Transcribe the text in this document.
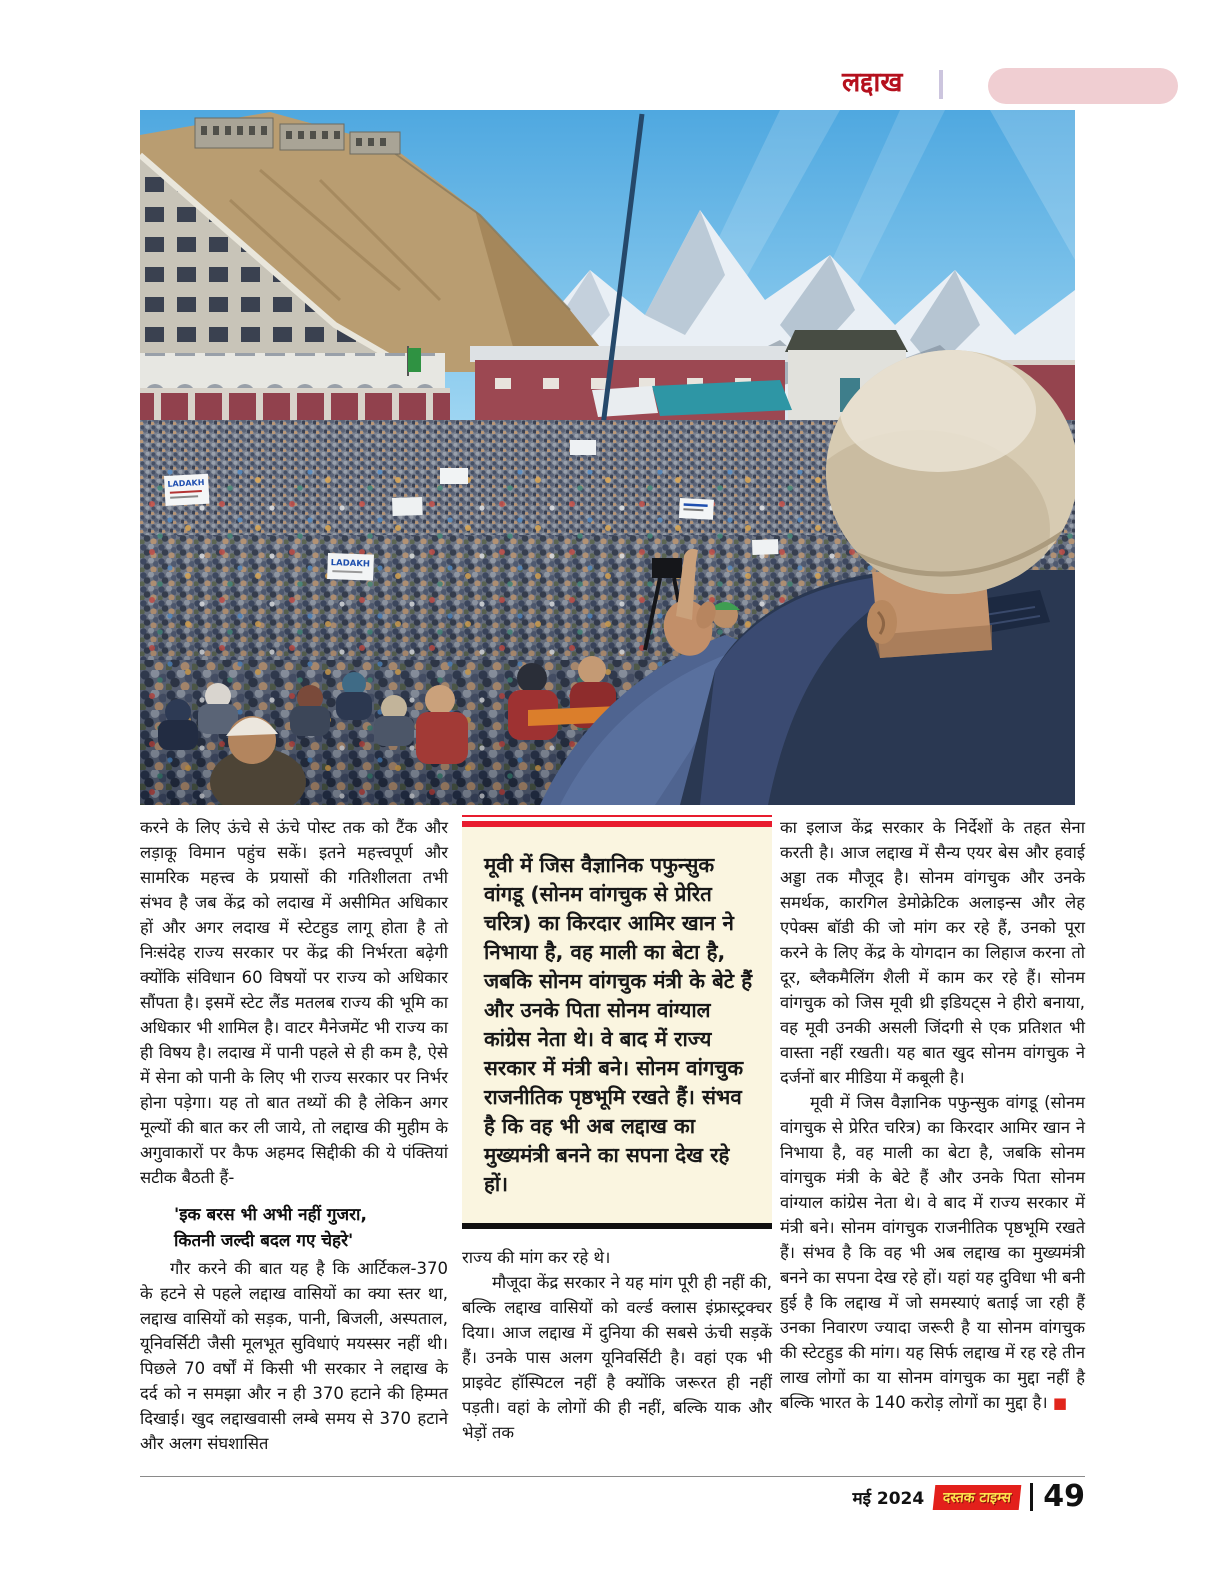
लद्दाख
LADAKH
LADAKH

करने के लिए ऊंचे से ऊंचे पोस्ट तक को टैंक और लड़ाकू विमान पहुंच सकें। इतने महत्त्वपूर्ण और सामरिक महत्त्व के प्रयासों की गतिशीलता तभी संभव है जब केंद्र को लदाख में असीमित अधिकार हों और अगर लदाख में स्टेटहुड लागू होता है तो निःसंदेह राज्य सरकार पर केंद्र की निर्भरता बढ़ेगी क्योंकि संविधान 60 विषयों पर राज्य को अधिकार सौंपता है। इसमें स्टेट लैंड मतलब राज्य की भूमि का अधिकार भी शामिल है। वाटर मैनेजमेंट भी राज्य का ही विषय है। लदाख में पानी पहले से ही कम है, ऐसे में सेना को पानी के लिए भी राज्य सरकार पर निर्भर होना पड़ेगा। यह तो बात तथ्यों की है लेकिन अगर मूल्यों की बात कर ली जाये, तो लद्दाख की मुहीम के अगुवाकारों पर कैफ अहमद सिद्दीकी की ये पंक्तियां सटीक बैठती हैं-

'इक बरस भी अभी नहीं गुजरा,
कितनी जल्दी बदल गए चेहरे'

गौर करने की बात यह है कि आर्टिकल-370 के हटने से पहले लद्दाख वासियों का क्या स्तर था, लद्दाख वासियों को सड़क, पानी, बिजली, अस्पताल, यूनिवर्सिटी जैसी मूलभूत सुविधाएं मयस्सर नहीं थी। पिछले 70 वर्षों में किसी भी सरकार ने लद्दाख के दर्द को न समझा और न ही 370 हटाने की हिम्मत दिखाई। खुद लद्दाखवासी लम्बे समय से 370 हटाने और अलग संघशासित

मूवी में जिस वैज्ञानिक पफुन्सुक वांगडू (सोनम वांगचुक से प्रेरित चरित्र) का किरदार आमिर खान ने निभाया है, वह माली का बेटा है, जबकि सोनम वांगचुक मंत्री के बेटे हैं और उनके पिता सोनम वांग्याल कांग्रेस नेता थे। वे बाद में राज्य सरकार में मंत्री बने। सोनम वांगचुक राजनीतिक पृष्ठभूमि रखते हैं। संभव है कि वह भी अब लद्दाख का मुख्यमंत्री बनने का सपना देख रहे हों।

राज्य की मांग कर रहे थे।

मौजूदा केंद्र सरकार ने यह मांग पूरी ही नहीं की, बल्कि लद्दाख वासियों को वर्ल्ड क्लास इंफ्रास्ट्रक्चर दिया। आज लद्दाख में दुनिया की सबसे ऊंची सड़कें हैं। उनके पास अलग यूनिवर्सिटी है। वहां एक भी प्राइवेट हॉस्पिटल नहीं है क्योंकि जरूरत ही नहीं पड़ती। वहां के लोगों की ही नहीं, बल्कि याक और भेड़ों तक

का इलाज केंद्र सरकार के निर्देशों के तहत सेना करती है। आज लद्दाख में सैन्य एयर बेस और हवाई अड्डा तक मौजूद है। सोनम वांगचुक और उनके समर्थक, कारगिल डेमोक्रेटिक अलाइन्स और लेह एपेक्स बॉडी की जो मांग कर रहे हैं, उनको पूरा करने के लिए केंद्र के योगदान का लिहाज करना तो दूर, ब्लैकमैलिंग शैली में काम कर रहे हैं। सोनम वांगचुक को जिस मूवी थ्री इडियट्स ने हीरो बनाया, वह मूवी उनकी असली जिंदगी से एक प्रतिशत भी वास्ता नहीं रखती। यह बात खुद सोनम वांगचुक ने दर्जनों बार मीडिया में कबूली है।

मूवी में जिस वैज्ञानिक पफुन्सुक वांगडू (सोनम वांगचुक से प्रेरित चरित्र) का किरदार आमिर खान ने निभाया है, वह माली का बेटा है, जबकि सोनम वांगचुक मंत्री के बेटे हैं और उनके पिता सोनम वांग्याल कांग्रेस नेता थे। वे बाद में राज्य सरकार में मंत्री बने। सोनम वांगचुक राजनीतिक पृष्ठभूमि रखते हैं। संभव है कि वह भी अब लद्दाख का मुख्यमंत्री बनने का सपना देख रहे हों। यहां यह दुविधा भी बनी हुई है कि लद्दाख में जो समस्याएं बताई जा रही हैं उनका निवारण ज्यादा जरूरी है या सोनम वांगचुक की स्टेटहुड की मांग। यह सिर्फ लद्दाख में रह रहे तीन लाख लोगों का या सोनम वांगचुक का मुद्दा नहीं है बल्कि भारत के 140 करोड़ लोगों का मुद्दा है। ■

मई 2024	दस्तक टाइम्स	49
